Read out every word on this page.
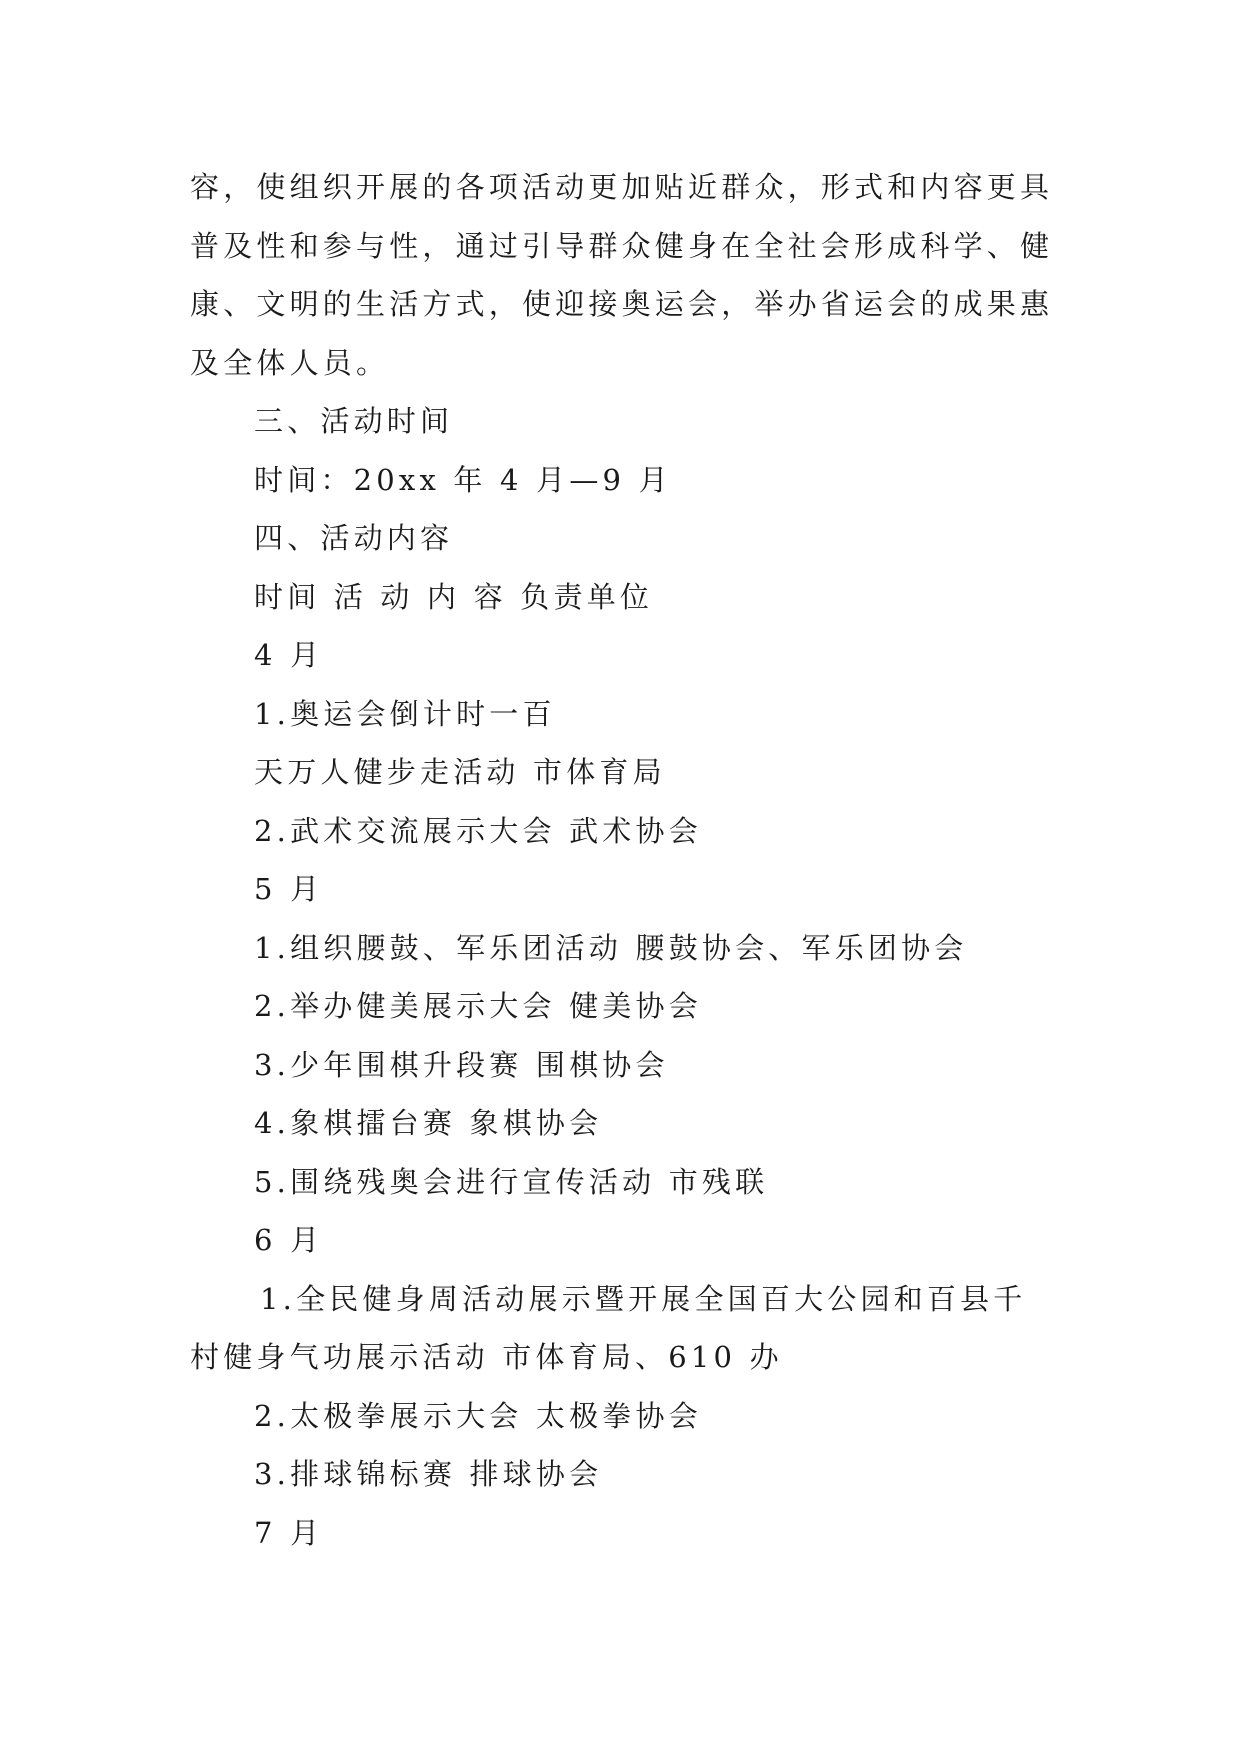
容，使组织开展的各项活动更加贴近群众，形式和内容更具
普及性和参与性，通过引导群众健身在全社会形成科学、健
康、文明的生活方式，使迎接奥运会，举办省运会的成果惠
及全体人员。
三、活动时间
时间：20xx 年 4 月—9 月
四、活动内容
时间 活 动 内 容 负责单位
4 月
1.奥运会倒计时一百
天万人健步走活动 市体育局
2.武术交流展示大会 武术协会
5 月
1.组织腰鼓、军乐团活动 腰鼓协会、军乐团协会
2.举办健美展示大会 健美协会
3.少年围棋升段赛 围棋协会
4.象棋擂台赛 象棋协会
5.围绕残奥会进行宣传活动 市残联
6 月
1.全民健身周活动展示暨开展全国百大公园和百县千
村健身气功展示活动 市体育局、610 办
2.太极拳展示大会 太极拳协会
3.排球锦标赛 排球协会
7 月
